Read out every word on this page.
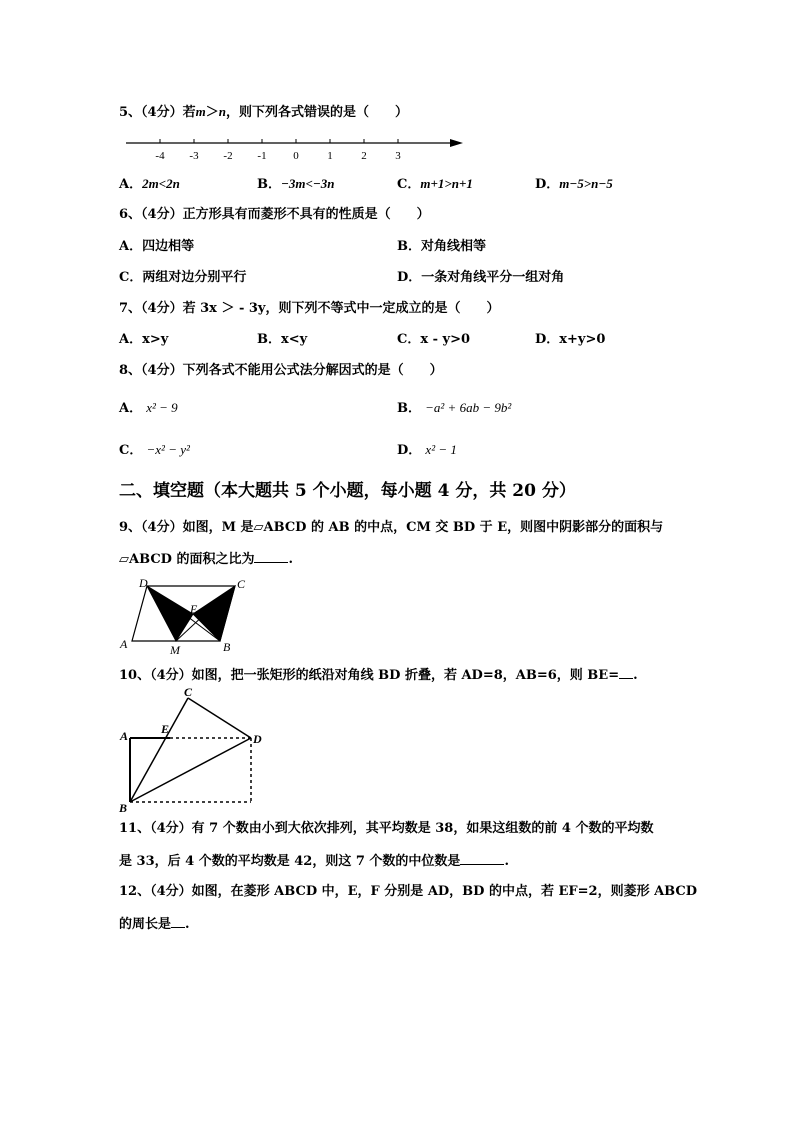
5、（4分）若m＞n，则下列各式错误的是（　　）
-4 -3 -2 -1 0	1	2	3
A．2m<2n	B．−3m<−3n	C．m+1>n+1	D．m−5>n−5
6、（4分）正方形具有而菱形不具有的性质是（　　）
A．四边相等	B．对角线相等
C．两组对边分别平行	D．一条对角线平分一组对角
7、（4分）若 3x ＞ - 3y，则下列不等式中一定成立的是（　　）
A．x>y	B．x<y	C．x - y>0	D．x+y>0
8、（4分）下列各式不能用公式法分解因式的是（　　）
A． x² − 9	B． −a² + 6ab − 9b²
C． −x² − y²	D． x² − 1
二、填空题（本大题共 5 个小题，每小题 4 分，共 20 分）
9、（4分）如图，M 是▱ABCD 的 AB 的中点，CM 交 BD 于 E，则图中阴影部分的面积与
▱ABCD 的面积之比为	.
D	C
A	B
E
M
10、（4分）如图，把一张矩形的纸沿对角线 BD 折叠，若 AD=8，AB=6，则 BE= .
C
A	E
D
B
11、（4分）有 7 个数由小到大依次排列，其平均数是 38，如果这组数的前 4 个数的平均数
是 33，后 4 个数的平均数是 42，则这 7 个数的中位数是	.
12、（4分）如图，在菱形 ABCD 中，E，F 分别是 AD，BD 的中点，若 EF=2，则菱形 ABCD
的周长是 .
